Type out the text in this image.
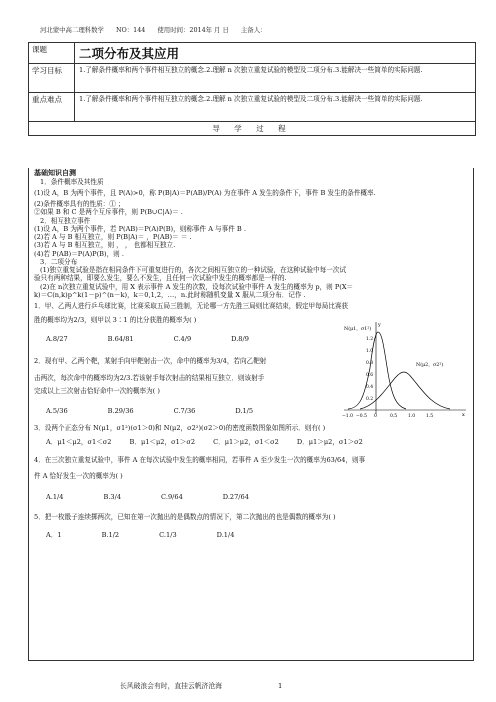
河北蒙中高二理科数学 NO：144 使用时间：2014年 月 日 主备人：
课题	二项分布及其应用
学习目标	1.了解条件概率和两个事件相互独立的概念.2.理解 n 次独立重复试验的模型及二项分布.3.能解决一些简单的实际问题.
重点难点	1.了解条件概率和两个事件相互独立的概念.2.理解 n 次独立重复试验的模型及二项分布.3.能解决一些简单的实际问题.
导 学 过 程
基础知识自测

1．条件概率及其性质

(1)设 A，B 为两个事件，且 P(A)>0，称 P(B|A)＝P(AB)/P(A) 为在事件 A 发生的条件下，事件 B 发生的条件概率.

(2)条件概率具有的性质：① ；

②如果 B 和 C 是两个互斥事件，则 P(B∪C|A)＝ .

2．相互独立事件

(1)设 A，B 为两个事件，若 P(AB)＝P(A)P(B)，则称事件 A 与事件 B .

(2)若 A 与 B 相互独立，则 P(B|A)＝ ，P(AB)＝ ＝ .

(3)若 A 与 B 相互独立，则 ， ， 也都相互独立.

(4)若 P(AB)＝P(A)P(B)，则 .

3．二项分布

(1)独立重复试验是指在相同条件下可重复进行的，各次之间相互独立的一种试验，在这种试验中每一次试

验只有两种结果，即要么发生，要么不发生，且任何一次试验中发生的概率都是一样的.

(2)在 n次独立重复试验中，用 X 表示事件 A 发生的次数，设每次试验中事件 A 发生的概率为 p，则 P(X＝

k)＝C(n,k)p^k(1－p)^(n－k)，k＝0,1,2，…，n.此时称随机变量 X 服从二项分布．记作 .

1．甲、乙两人进行乒乓球比赛，比赛采取五局三胜制，无论哪一方先胜三局则比赛结束，假定甲每局比赛获

胜的概率均为2/3，则甲以 3∶1 的比分获胜的概率为( )

A.8/27	B.64/81	C.4/9	D.8/9

2．现有甲、乙两个靶，某射手向甲靶射击一次，命中的概率为3/4，若向乙靶射

击两次，每次命中的概率均为2/3.若该射手每次射击的结果相互独立．则该射手

完成以上三次射击恰好命中一次的概率为( )

A.5/36	B.29/36	C.7/36	D.1/5

3．设两个正态分布 N(μ1，σ1²)(σ1＞0)和 N(μ2，σ2²)(σ2＞0)的密度函数图象如图所示．则有( )

A．μ1＜μ2，σ1＜σ2	B．μ1＜μ2，σ1＞σ2	C．μ1＞μ2，σ1＜σ2	D．μ1＞μ2，σ1＞σ2

4．在三次独立重复试验中，事件 A 在每次试验中发生的概率相同，若事件 A 至少发生一次的概率为63/64，则事

件 A 恰好发生一次的概率为( )

A.1/4	B.3/4	C.9/64	D.27/64

5．把一枚骰子连续掷两次，已知在第一次抛出的是偶数点的情况下，第二次抛出的也是偶数的概率为( )

A．1	B.1/2	C.1/3	D.1/4
y
x
1.2
1.0
0.8
0.6
0.4
0.2
−1.0 −0.5 0	0.5 1.0 1.5
N(μ1，σ1²)
N(μ2，σ2²)
长风破浪会有时，直挂云帆济沧海	1
